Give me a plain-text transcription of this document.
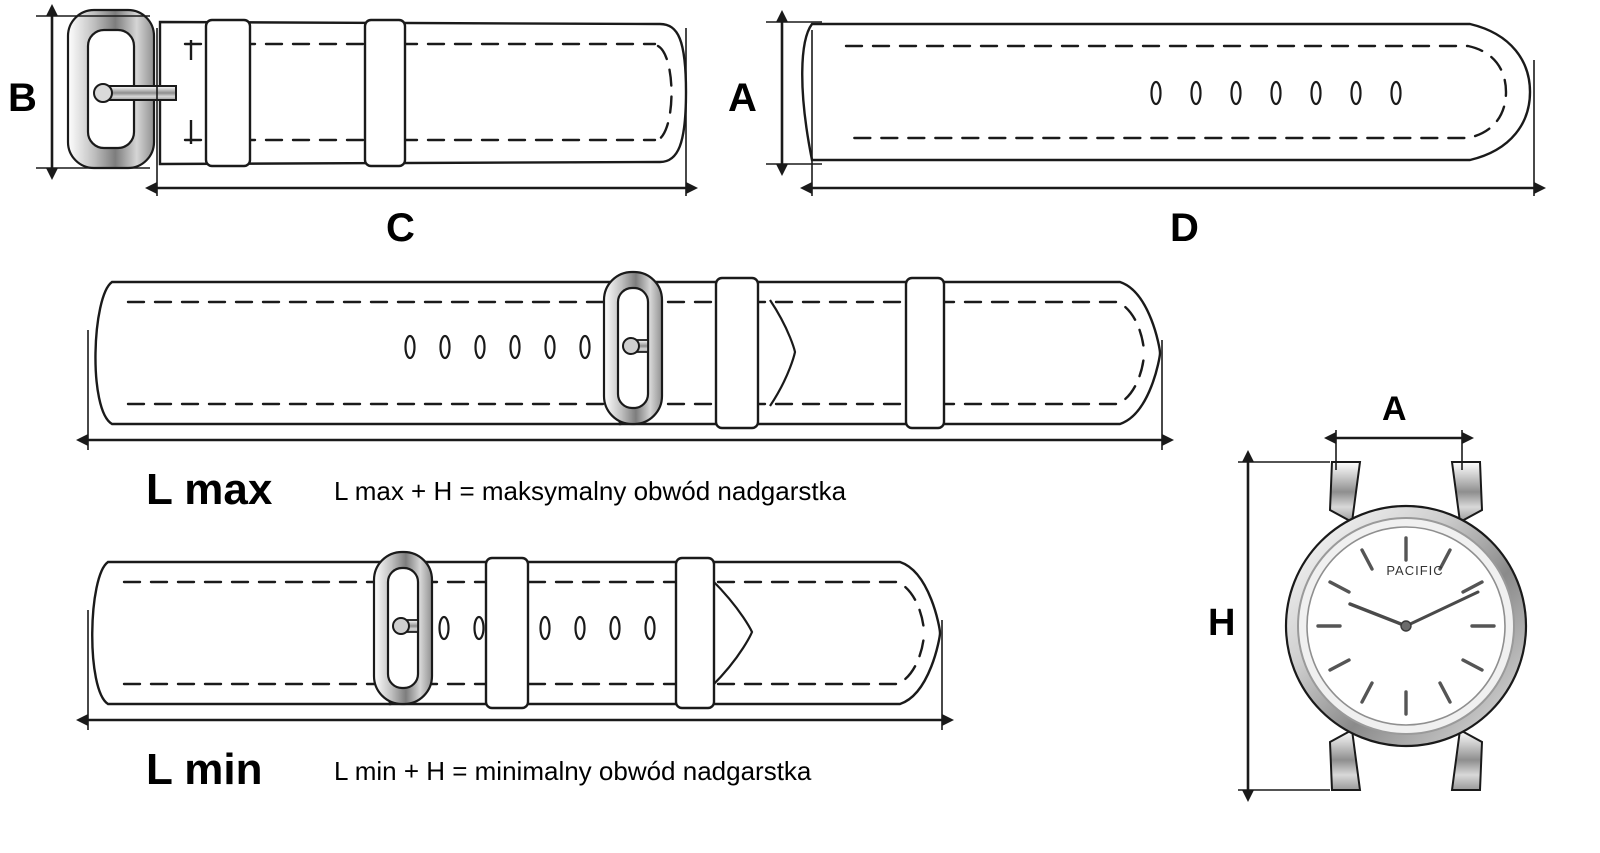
B
C
A
D
L max
L min
A
H
L max + H = maksymalny obwód nadgarstka
L min + H = minimalny obwód nadgarstka
PACIFIC
